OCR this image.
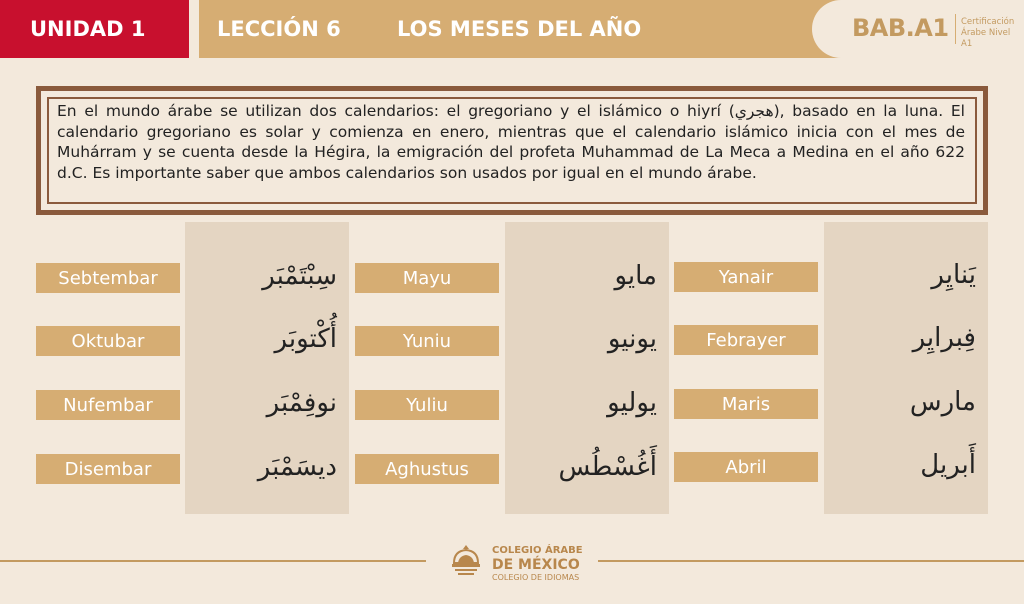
UNIDAD 1	LECCIÓN 6	LOS MESES DEL AÑO	BAB.A1 Certificación
Árabe Nivel A1
En el mundo árabe se utilizan dos calendarios: el gregoriano y el islámico o hiyrí (هجري), basado en la luna. El calendario gregoriano es solar y comienza en enero, mientras que el calendario islámico inicia con el mes de Muhárram y se cuenta desde la Hégira, la emigración del profeta Muhammad de La Meca a Medina en el año 622 d.C. Es importante saber que ambos calendarios son usados por igual en el mundo árabe.
Yanair	يَنايِر
Febrayer	فِبرايِر
Maris	مارس
Abril	أَبريل
Mayu	مايو
Yuniu	يونيو
Yuliu	يوليو
Aghustus	أَغُسْطُس
Sebtembar	سِبْتَمْبَر
Oktubar	أُكْتوبَر
Nufembar	نوفِمْبَر
Disembar	ديسَمْبَر
COLEGIO ÁRABE
DE MÉXICO
COLEGIO DE IDIOMAS
